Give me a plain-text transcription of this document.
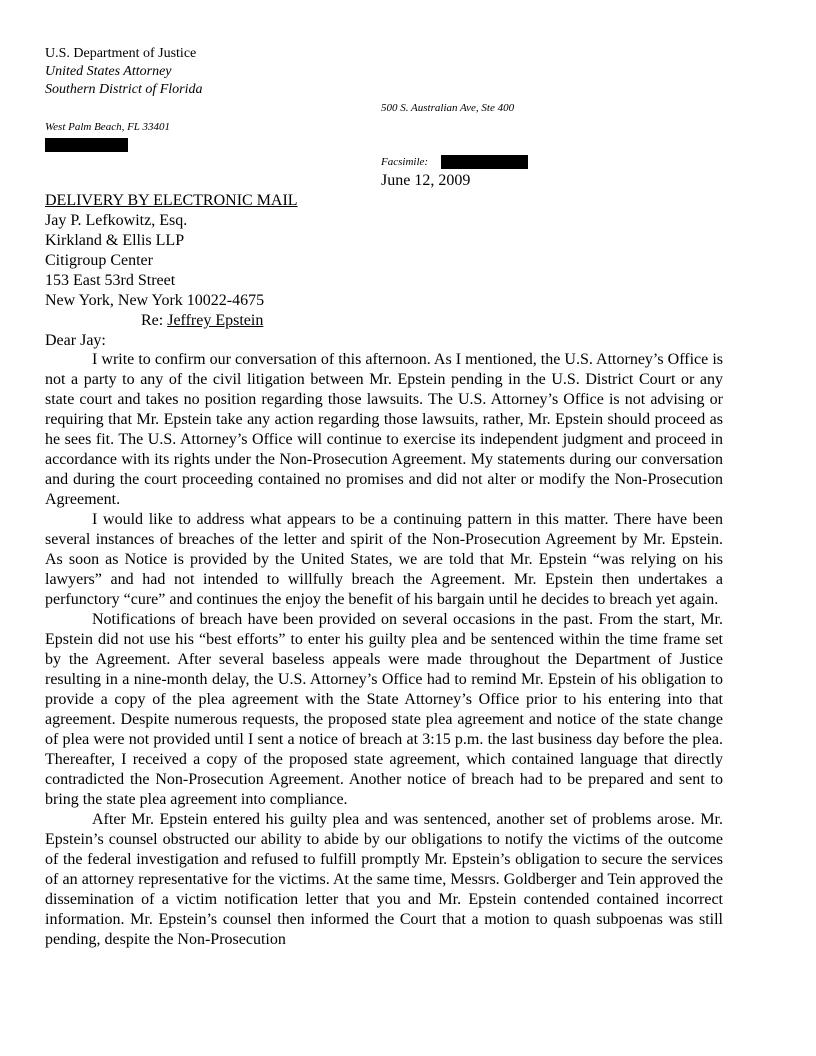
U.S. Department of Justice
United States Attorney
Southern District of Florida
500 S. Australian Ave, Ste 400
West Palm Beach, FL 33401
Facsimile:
June 12, 2009
DELIVERY BY ELECTRONIC MAIL
Jay P. Lefkowitz, Esq.
Kirkland & Ellis LLP
Citigroup Center
153 East 53rd Street
New York, New York 10022-4675
Re: Jeffrey Epstein
Dear Jay:

I write to confirm our conversation of this afternoon. As I mentioned, the U.S. Attorney’s Office is not a party to any of the civil litigation between Mr. Epstein pending in the U.S. District Court or any state court and takes no position regarding those lawsuits. The U.S. Attorney’s Office is not advising or requiring that Mr. Epstein take any action regarding those lawsuits, rather, Mr. Epstein should proceed as he sees fit. The U.S. Attorney’s Office will continue to exercise its independent judgment and proceed in accordance with its rights under the Non-Prosecution Agreement. My statements during our conversation and during the court proceeding contained no promises and did not alter or modify the Non-Prosecution Agreement.

I would like to address what appears to be a continuing pattern in this matter. There have been several instances of breaches of the letter and spirit of the Non-Prosecution Agreement by Mr. Epstein. As soon as Notice is provided by the United States, we are told that Mr. Epstein “was relying on his lawyers” and had not intended to willfully breach the Agreement. Mr. Epstein then undertakes a perfunctory “cure” and continues the enjoy the benefit of his bargain until he decides to breach yet again.

Notifications of breach have been provided on several occasions in the past. From the start, Mr. Epstein did not use his “best efforts” to enter his guilty plea and be sentenced within the time frame set by the Agreement. After several baseless appeals were made throughout the Department of Justice resulting in a nine-month delay, the U.S. Attorney’s Office had to remind Mr. Epstein of his obligation to provide a copy of the plea agreement with the State Attorney’s Office prior to his entering into that agreement. Despite numerous requests, the proposed state plea agreement and notice of the state change of plea were not provided until I sent a notice of breach at 3:15 p.m. the last business day before the plea. Thereafter, I received a copy of the proposed state agreement, which contained language that directly contradicted the Non-Prosecution Agreement. Another notice of breach had to be prepared and sent to bring the state plea agreement into compliance.

After Mr. Epstein entered his guilty plea and was sentenced, another set of problems arose. Mr. Epstein’s counsel obstructed our ability to abide by our obligations to notify the victims of the outcome of the federal investigation and refused to fulfill promptly Mr. Epstein’s obligation to secure the services of an attorney representative for the victims. At the same time, Messrs. Goldberger and Tein approved the dissemination of a victim notification letter that you and Mr. Epstein contended contained incorrect information. Mr. Epstein’s counsel then informed the Court that a motion to quash subpoenas was still pending, despite the Non-Prosecution
